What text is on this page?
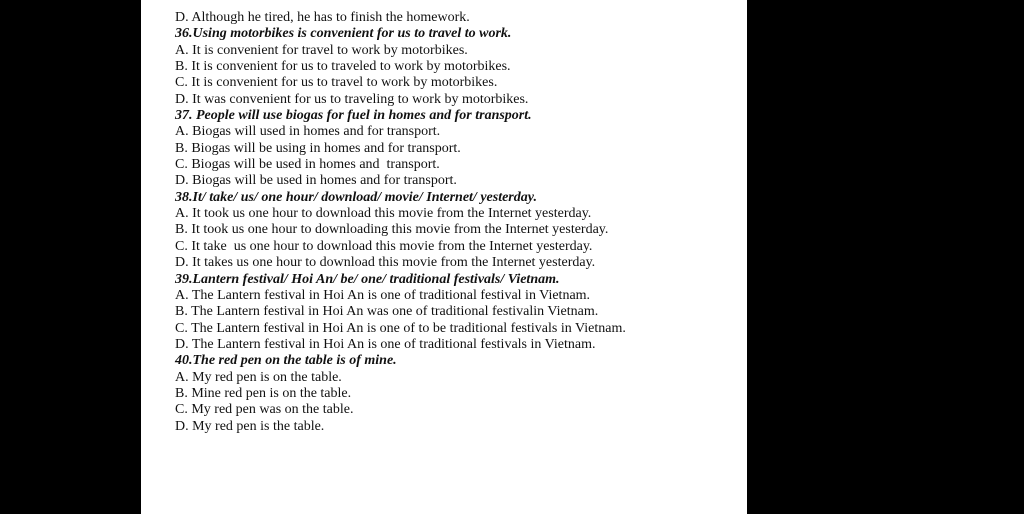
D. Although he tired, he has to finish the homework.
36.Using motorbikes is convenient for us to travel to work.
A. It is convenient for travel to work by motorbikes.
B. It is convenient for us to traveled to work by motorbikes.
C. It is convenient for us to travel to work by motorbikes.
D. It was convenient for us to traveling to work by motorbikes.
37. People will use biogas for fuel in homes and for transport.
A. Biogas will used in homes and for transport.
B. Biogas will be using in homes and for transport.
C. Biogas will be used in homes and  transport.
D. Biogas will be used in homes and for transport.
38.It/ take/ us/ one hour/ download/ movie/ Internet/ yesterday.
A. It took us one hour to download this movie from the Internet yesterday.
B. It took us one hour to downloading this movie from the Internet yesterday.
C. It take  us one hour to download this movie from the Internet yesterday.
D. It takes us one hour to download this movie from the Internet yesterday.
39.Lantern festival/ Hoi An/ be/ one/ traditional festivals/ Vietnam.
A. The Lantern festival in Hoi An is one of traditional festival in Vietnam.
B. The Lantern festival in Hoi An was one of traditional festivalin Vietnam.
C. The Lantern festival in Hoi An is one of to be traditional festivals in Vietnam.
D. The Lantern festival in Hoi An is one of traditional festivals in Vietnam.
40.The red pen on the table is of mine.
A. My red pen is on the table.
B. Mine red pen is on the table.
C. My red pen was on the table.
D. My red pen is the table.
